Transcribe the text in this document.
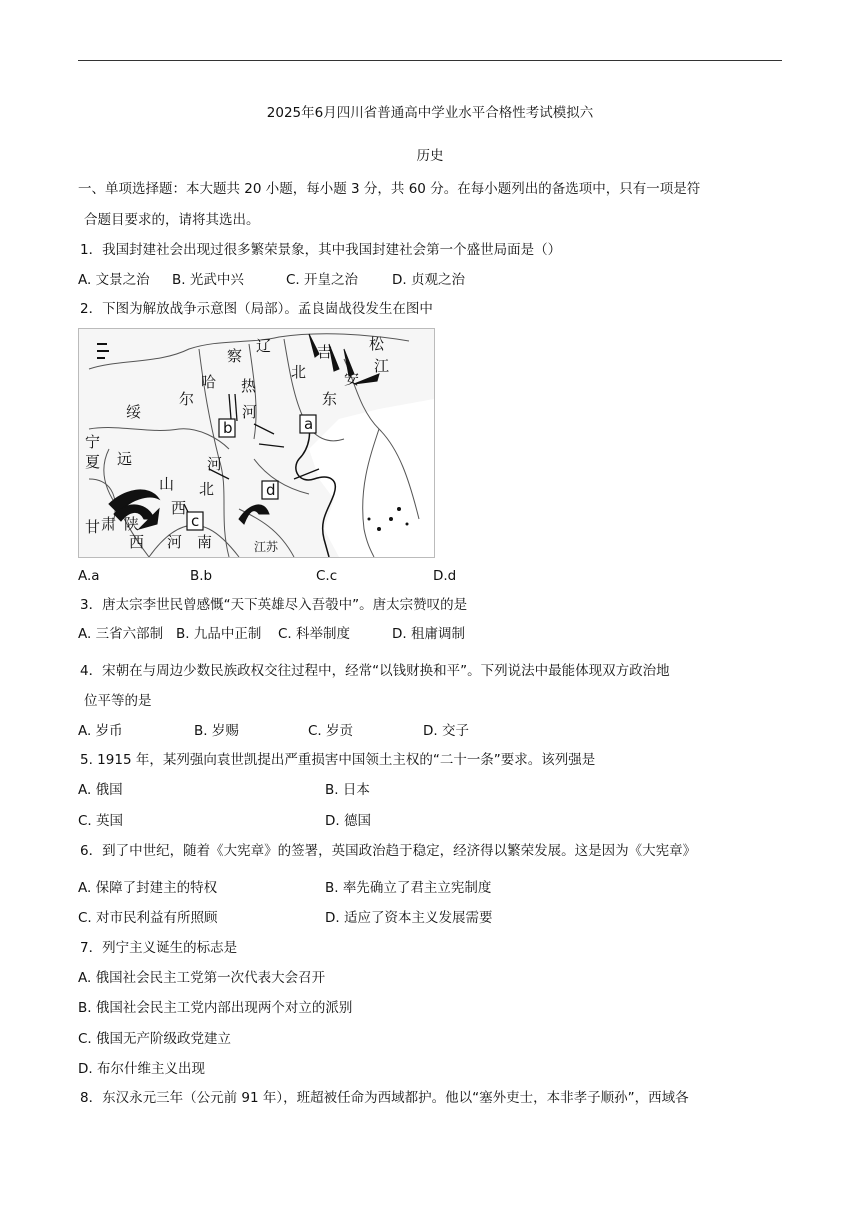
2025年6月四川省普通高中学业水平合格性考试模拟六
历史
一、单项选择题：本大题共 20 小题，每小题 3 分，共 60 分。在每小题列出的备选项中，只有一项是符
合题目要求的，请将其选出。
1．我国封建社会出现过很多繁荣景象，其中我国封建社会第一个盛世局面是（）
A. 文景之治 B. 光武中兴	C. 开皇之治	D. 贞观之治
2．下图为解放战争示意图（局部）。孟良崮战役发生在图中
辽	吉 松
察
江
北	安
哈 热
东
尔
绥	河
宁
远	河
夏
山 北
西
甘 肃 陕
西 河 南	江苏
a
b
c
d
A.a	B.b	C.c	D.d
3．唐太宗李世民曾感慨“天下英雄尽入吾彀中”。唐太宗赞叹的是
A. 三省六部制 B. 九品中正制 C. 科举制度	D. 租庸调制
4．宋朝在与周边少数民族政权交往过程中，经常“以钱财换和平”。下列说法中最能体现双方政治地
位平等的是
A. 岁币	B. 岁赐	C. 岁贡	D. 交子
5. 1915 年，某列强向袁世凯提出严重损害中国领土主权的“二十一条”要求。该列强是
A. 俄国	B. 日本
C. 英国	D. 德国
6．到了中世纪，随着《大宪章》的签署，英国政治趋于稳定，经济得以繁荣发展。这是因为《大宪章》
A. 保障了封建主的特权	B. 率先确立了君主立宪制度
C. 对市民利益有所照顾	D. 适应了资本主义发展需要
7．列宁主义诞生的标志是
A. 俄国社会民主工党第一次代表大会召开
B. 俄国社会民主工党内部出现两个对立的派别
C. 俄国无产阶级政党建立
D. 布尔什维主义出现
8．东汉永元三年（公元前 91 年），班超被任命为西域都护。他以“塞外吏士，本非孝子顺孙”，西域各
